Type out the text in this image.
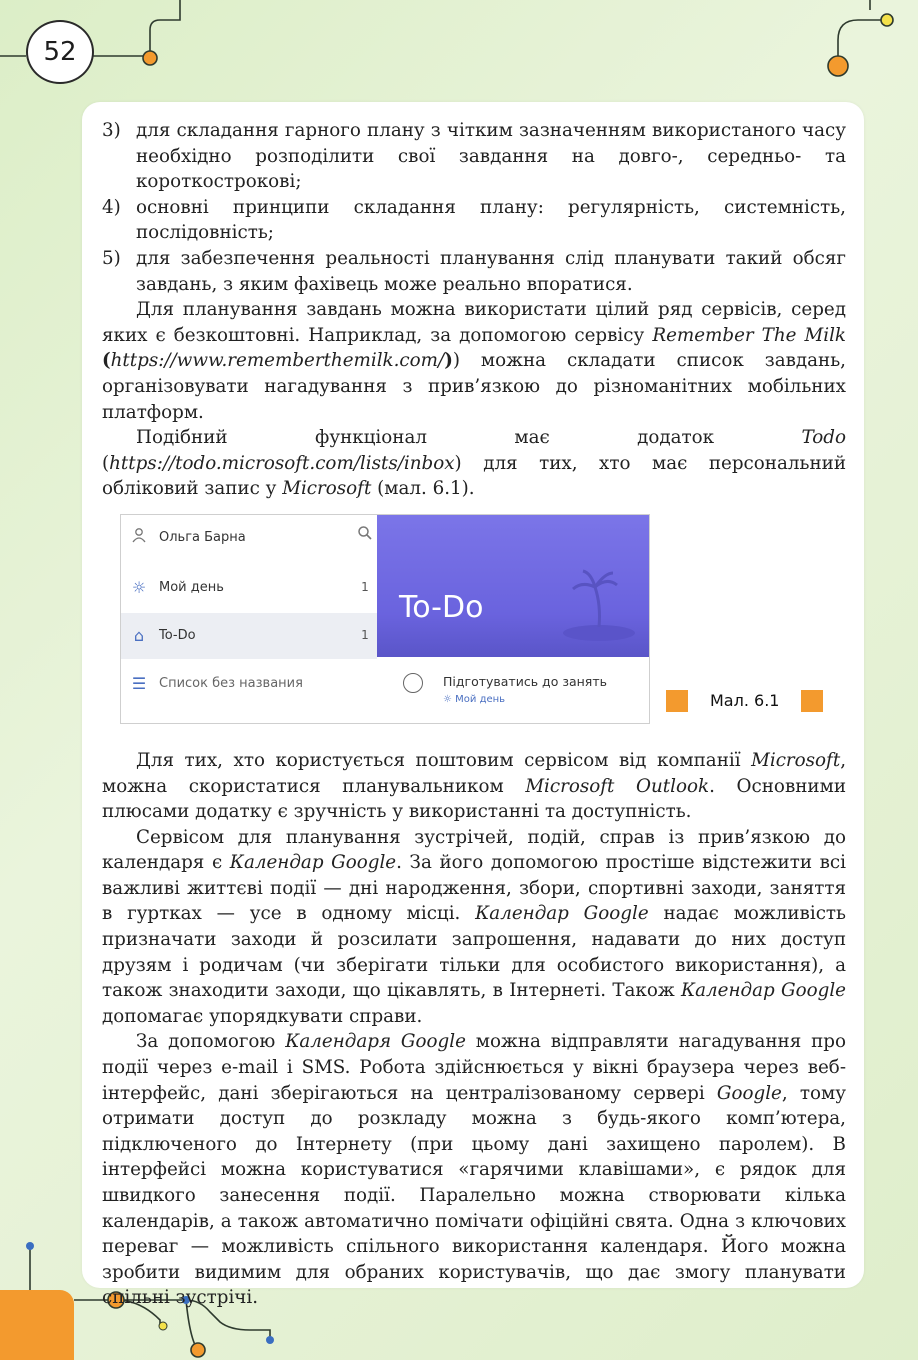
52
3) для складання гарного плану з чітким зазначенням використаного часу необхідно розподілити свої завдання на довго-, середньо- та короткострокові;
4) основні принципи складання плану: регулярність, системність, послідовність;
5) для забезпечення реальності планування слід планувати такий обсяг завдань, з яким фахівець може реально впоратися.

Для планування завдань можна використати цілий ряд сервісів, серед яких є безкоштовні. Наприклад, за допомогою сервісу Remember The Milk (https://www.rememberthemilk.com/)) можна складати список завдань, організовувати нагадування з прив’язкою до різноманітних мобільних платформ.

Подібний функціонал має додаток Todo (https://todo.microsoft.com/lists/inbox) для тих, хто має персональний обліковий запис у Microsoft (мал. 6.1).

Ольга Барна
☼ Мой день	1
⌂	To-Do	1
☰ Список без названия
To-Do
Підготуватись до занять
☼ Мой день	Мал. 6.1

Для тих, хто користується поштовим сервісом від компанії Microsoft, можна скористатися планувальником Microsoft Outlook. Основними плюсами додатку є зручність у використанні та доступність.

Сервісом для планування зустрічей, подій, справ із прив’язкою до календаря є Календар Google. За його допомогою простіше відстежити всі важливі життєві події — дні народження, збори, спортивні заходи, заняття в гуртках — усе в одному місці. Календар Google надає можливість призначати заходи й розсилати запрошення, надавати до них доступ друзям і родичам (чи зберігати тільки для особистого використання), а також знаходити заходи, що цікавлять, в Інтернеті. Також Календар Google допомагає упорядкувати справи.

За допомогою Календаря Google можна відправляти нагадування про події через e-mail і SMS. Робота здійснюється у вікні браузера через веб-інтерфейс, дані зберігаються на централізованому сервері Google, тому отримати доступ до розкладу можна з будь-якого комп’ютера, підключеного до Інтернету (при цьому дані захищено паролем). В інтерфейсі можна користуватися «гарячими клавішами», є рядок для швидкого занесення події. Паралельно можна створювати кілька календарів, а також автоматично помічати офіційні свята. Одна з ключових переваг — можливість спільного використання календаря. Його можна зробити видимим для обраних користувачів, що дає змогу планувати спільні зустрічі.
